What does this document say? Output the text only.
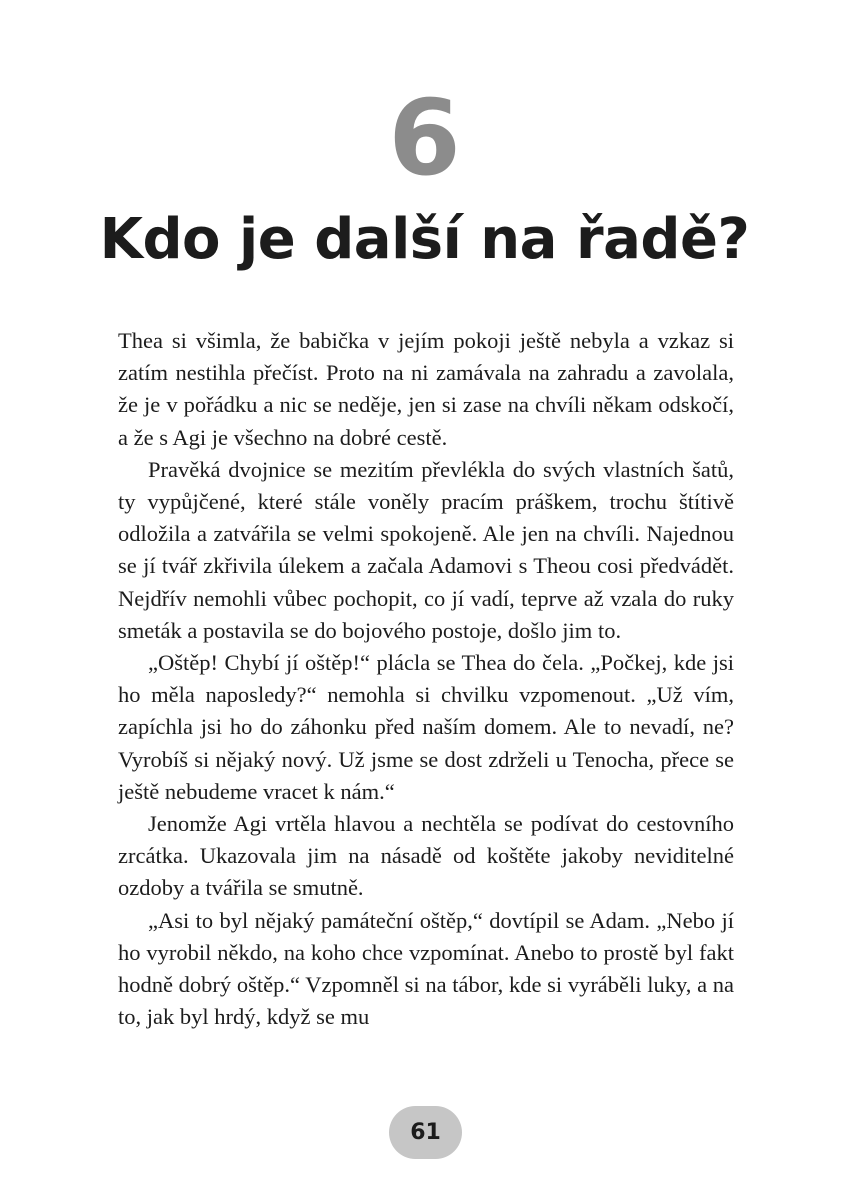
6
Kdo je další na řadě?

Thea si všimla, že babička v jejím pokoji ještě nebyla a vzkaz si zatím nestihla přečíst. Proto na ni zamávala na zahradu a zavolala, že je v pořádku a nic se neděje, jen si zase na chvíli někam odskočí, a že s Agi je všechno na dobré cestě.

Pravěká dvojnice se mezitím převlékla do svých vlastních šatů, ty vypůjčené, které stále voněly pracím práškem, trochu štítivě odložila a zatvářila se velmi spokojeně. Ale jen na chvíli. Najednou se jí tvář zkřivila úlekem a začala Adamovi s Theou cosi předvádět. Nejdřív nemohli vůbec pochopit, co jí vadí, teprve až vzala do ruky smeták a postavila se do bojového postoje, došlo jim to.

„Oštěp! Chybí jí oštěp!“ plácla se Thea do čela. „Počkej, kde jsi ho měla naposledy?“ nemohla si chvilku vzpomenout. „Už vím, zapíchla jsi ho do záhonku před naším domem. Ale to nevadí, ne? Vyrobíš si nějaký nový. Už jsme se dost zdrželi u Tenocha, přece se ještě nebudeme vracet k nám.“

Jenomže Agi vrtěla hlavou a nechtěla se podívat do cestovního zrcátka. Ukazovala jim na násadě od koštěte jakoby neviditelné ozdoby a tvářila se smutně.

„Asi to byl nějaký památeční oštěp,“ dovtípil se Adam. „Nebo jí ho vyrobil někdo, na koho chce vzpomínat. Anebo to prostě byl fakt hodně dobrý oštěp.“ Vzpomněl si na tábor, kde si vyráběli luky, a na to, jak byl hrdý, když se mu

61
